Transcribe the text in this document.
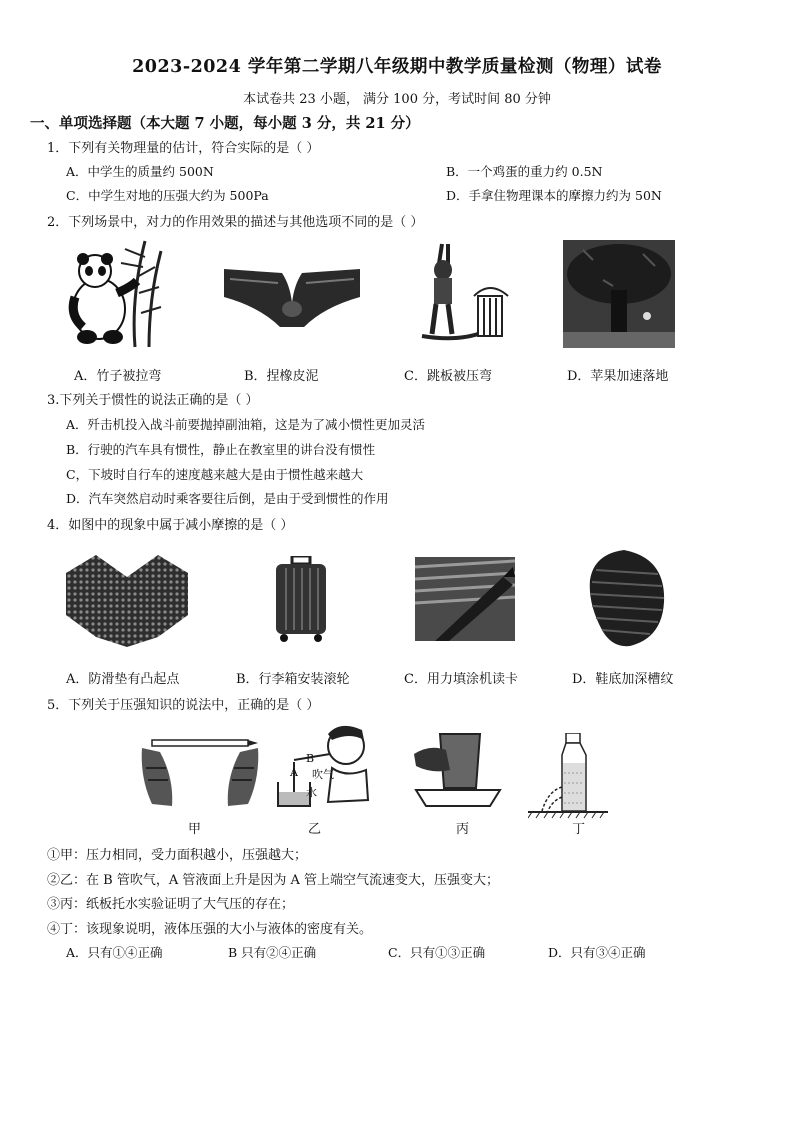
2023-2024 学年第二学期八年级期中教学质量检测（物理）试卷
本试卷共 23 小题， 满分 100 分，考试时间 80 分钟
一、单项选择题（本大题 7 小题，每小题 3 分，共 21 分）
1．下列有关物理量的估计，符合实际的是（ ）
A．中学生的质量约 500N	B．一个鸡蛋的重力约 0.5N
C．中学生对地的压强大约为 500Pa	D．手拿住物理课本的摩擦力约为 50N
2．下列场景中，对力的作用效果的描述与其他选项不同的是（ ）
A．竹子被拉弯	B．捏橡皮泥	C．跳板被压弯	D．苹果加速落地
3.下列关于惯性的说法正确的是（ ）
A．歼击机投入战斗前要抛掉副油箱，这是为了减小惯性更加灵活
B．行驶的汽车具有惯性，静止在教室里的讲台没有惯性
C，下坡时自行车的速度越来越大是由于惯性越来越大
D．汽车突然启动时乘客要往后倒，是由于受到惯性的作用
4．如图中的现象中属于减小摩擦的是（ ）
A．防滑垫有凸起点	B．行李箱安装滚轮	C．用力填涂机读卡	D．鞋底加深槽纹
5．下列关于压强知识的说法中，正确的是（ ）
B
A 吹气
水
甲	乙	丙	丁
①甲：压力相同，受力面积越小，压强越大；
②乙：在 B 管吹气，A 管液面上升是因为 A 管上端空气流速变大，压强变大；
③丙：纸板托水实验证明了大气压的存在；
④丁：该现象说明，液体压强的大小与液体的密度有关。
A．只有①④正确	B 只有②④正确	C．只有①③正确	D．只有③④正确
